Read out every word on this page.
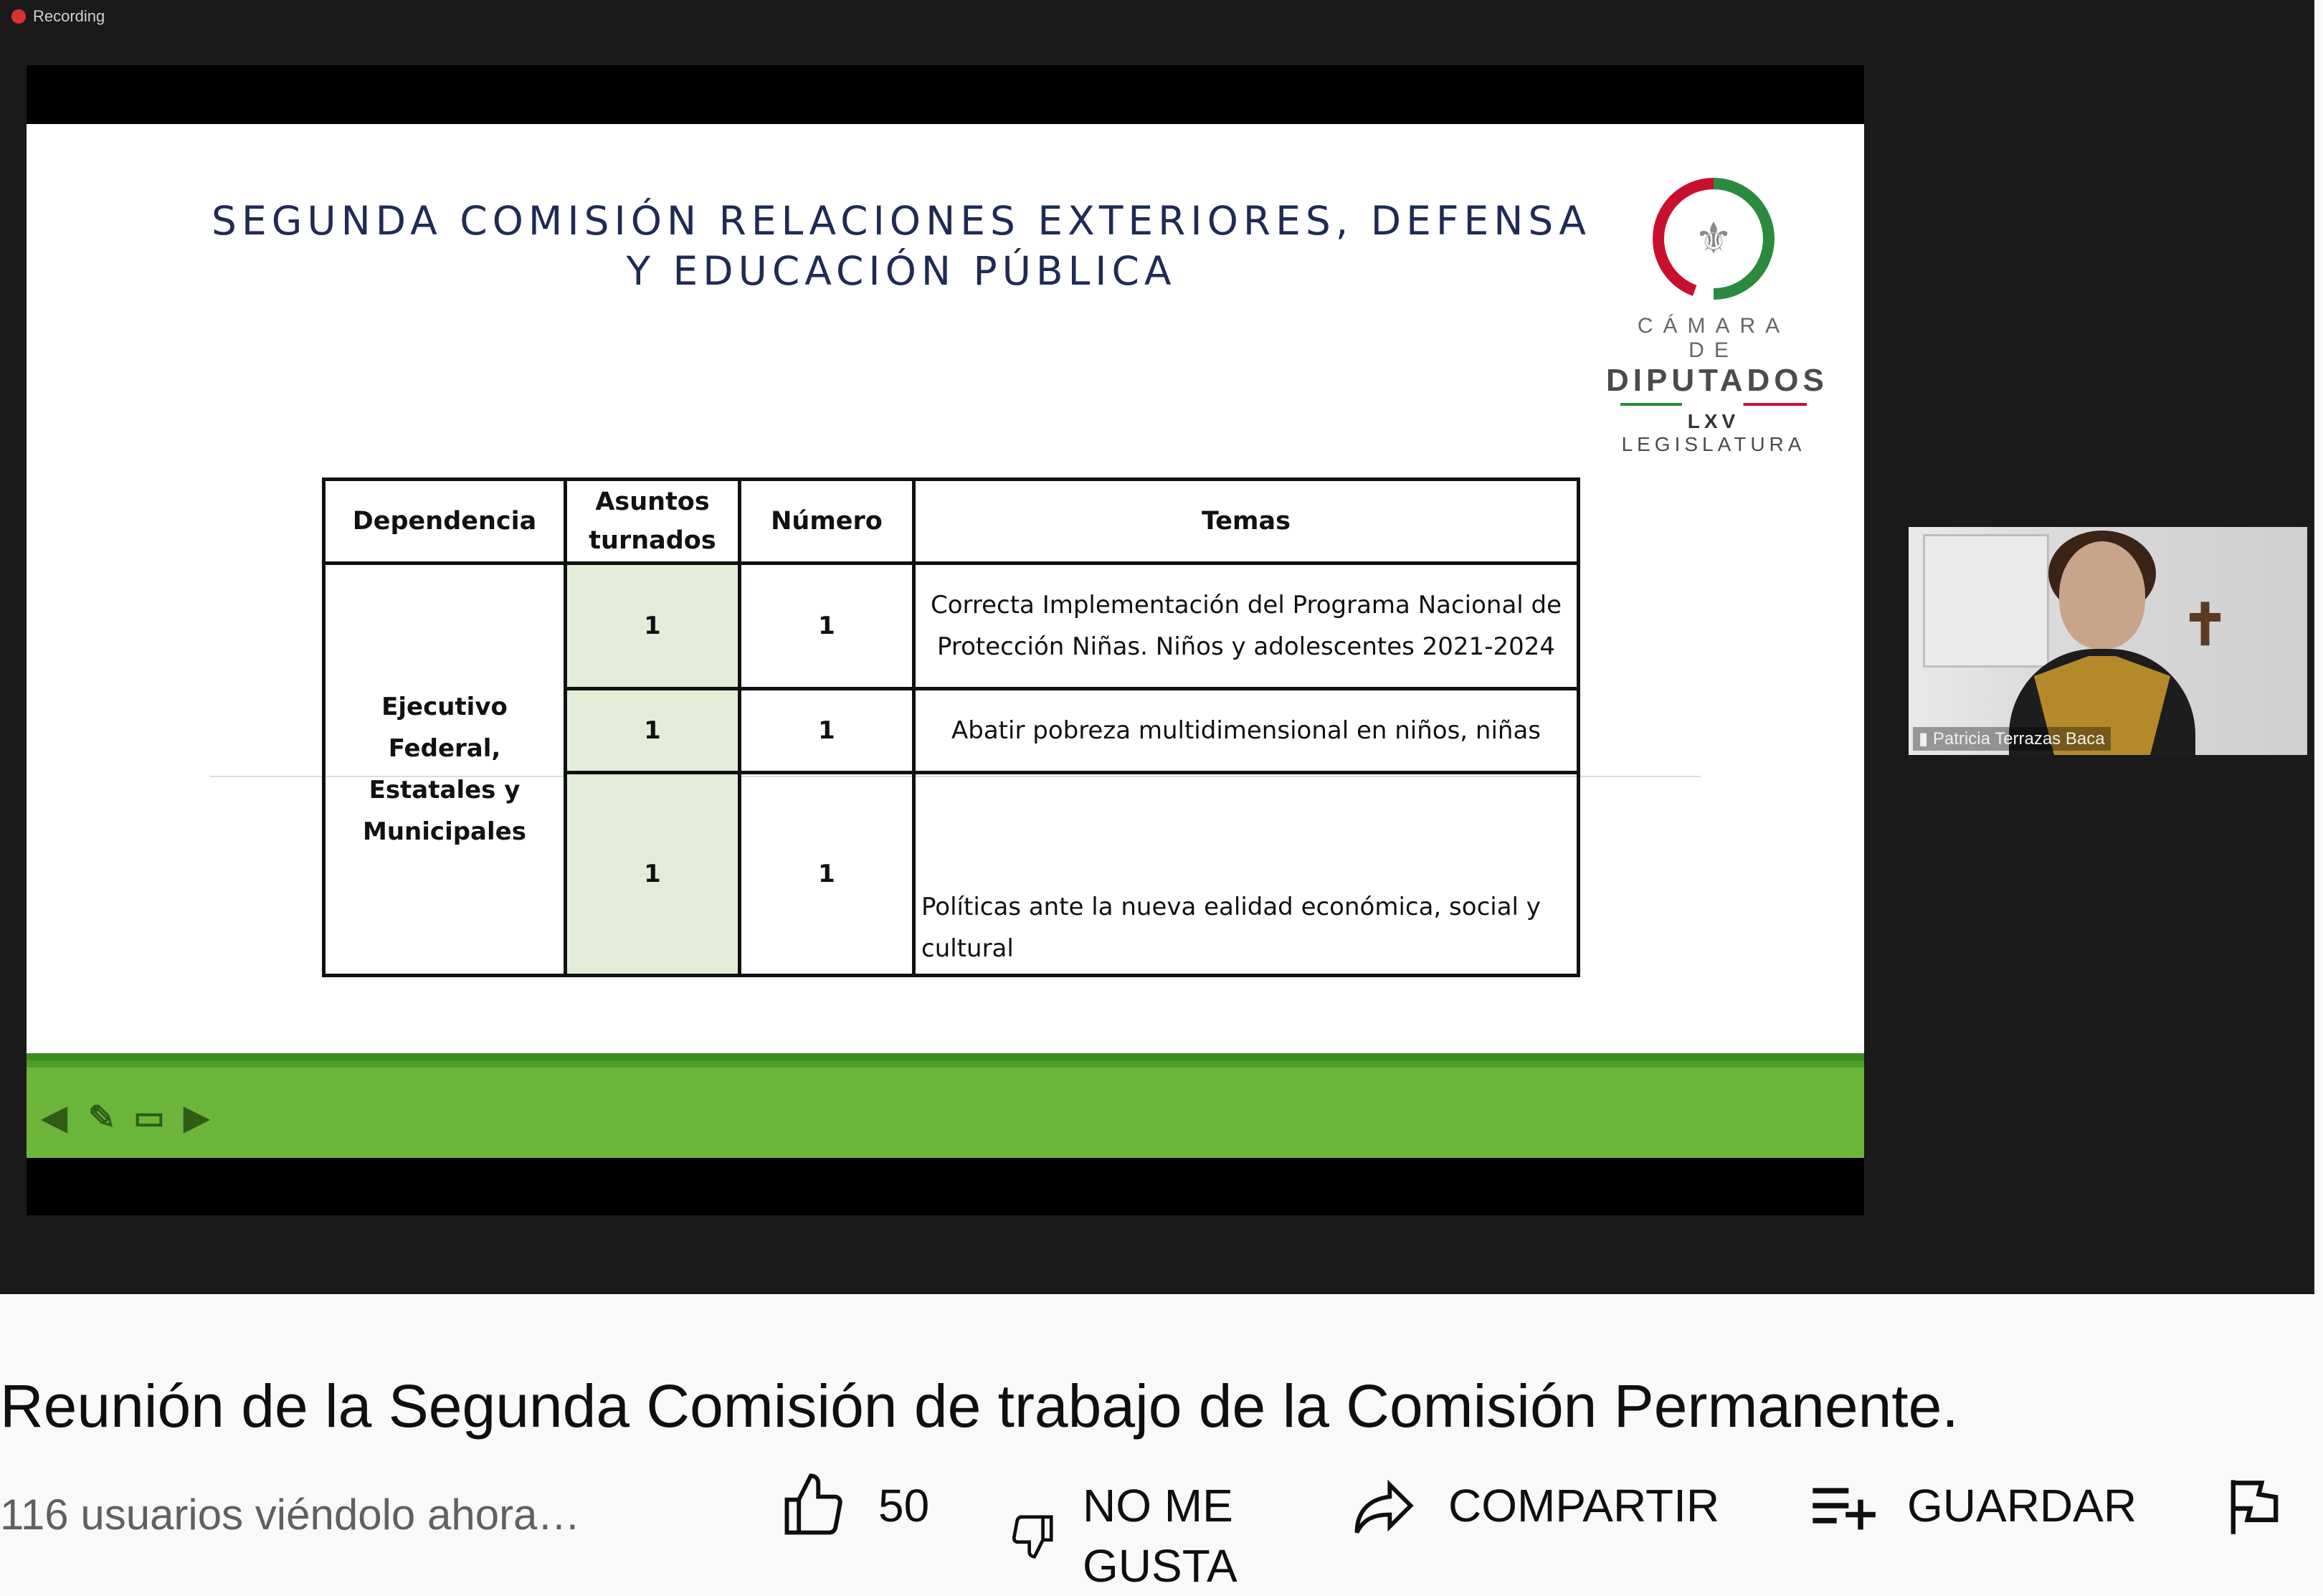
Recording
SEGUNDA COMISIÓN RELACIONES EXTERIORES, DEFENSA
Y EDUCACIÓN PÚBLICA
⚜
CÁMARA DE
DIPUTADOS
LXV LEGISLATURA
Dependencia	Asuntos turnados	Número	Temas
Ejecutivo Federal, Estatales y Municipales	1	1	Correcta Implementación del Programa Nacional de Protección Niñas. Niños y adolescentes 2021-2024
	1	1	Abatir pobreza multidimensional en niños, niñas
	1	1	Políticas ante la nueva ealidad económica, social y cultural
◀ ✎ ▭ ▶
✝
▮ Patricia Terrazas Baca
Reunión de la Segunda Comisión de trabajo de la Comisión Permanente.
116 usuarios viéndolo ahora…	50	NO ME
GUSTA
COMPARTIR	GUARDAR
